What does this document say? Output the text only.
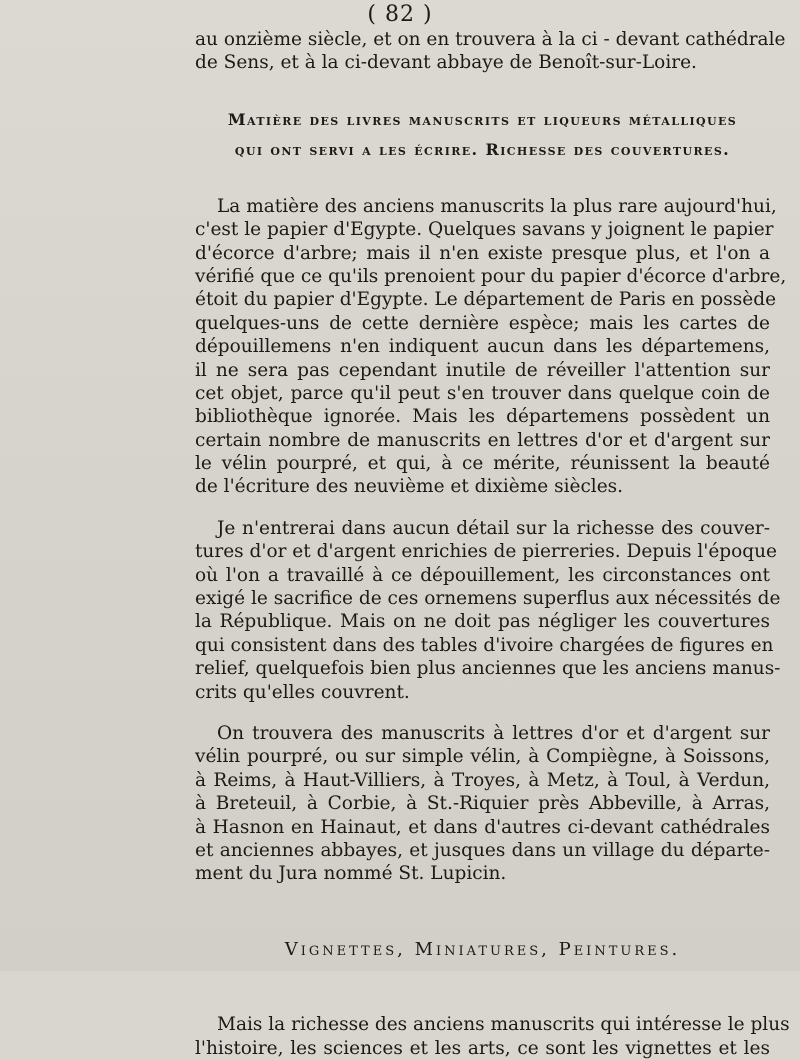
( 82 )
au onzième siècle, et on en trouvera à la ci - devant cathédrale
de Sens, et à la ci-devant abbaye de Benoît-sur-Loire.
Matière des livres manuscrits et liqueurs métalliques
qui ont servi a les écrire. Richesse des couvertures.
La matière des anciens manuscrits la plus rare aujourd'hui,
c'est le papier d'Egypte. Quelques savans y joignent le papier
d'écorce d'arbre; mais il n'en existe presque plus, et l'on a
vérifié que ce qu'ils prenoient pour du papier d'écorce d'arbre,
étoit du papier d'Egypte. Le département de Paris en possède
quelques-uns de cette dernière espèce; mais les cartes de
dépouillemens n'en indiquent aucun dans les départemens,
il ne sera pas cependant inutile de réveiller l'attention sur
cet objet, parce qu'il peut s'en trouver dans quelque coin de
bibliothèque ignorée. Mais les départemens possèdent un
certain nombre de manuscrits en lettres d'or et d'argent sur
le vélin pourpré, et qui, à ce mérite, réunissent la beauté
de l'écriture des neuvième et dixième siècles.
Je n'entrerai dans aucun détail sur la richesse des couver-
tures d'or et d'argent enrichies de pierreries. Depuis l'époque
où l'on a travaillé à ce dépouillement, les circonstances ont
exigé le sacrifice de ces ornemens superflus aux nécessités de
la République. Mais on ne doit pas négliger les couvertures
qui consistent dans des tables d'ivoire chargées de figures en
relief, quelquefois bien plus anciennes que les anciens manus-
crits qu'elles couvrent.
On trouvera des manuscrits à lettres d'or et d'argent sur
vélin pourpré, ou sur simple vélin, à Compiègne, à Soissons,
à Reims, à Haut-Villiers, à Troyes, à Metz, à Toul, à Verdun,
à Breteuil, à Corbie, à St.-Riquier près Abbeville, à Arras,
à Hasnon en Hainaut, et dans d'autres ci-devant cathédrales
et anciennes abbayes, et jusques dans un village du départe-
ment du Jura nommé St. Lupicin.
Vignettes, Miniatures, Peintures.
Mais la richesse des anciens manuscrits qui intéresse le plus
l'histoire, les sciences et les arts, ce sont les vignettes et les
